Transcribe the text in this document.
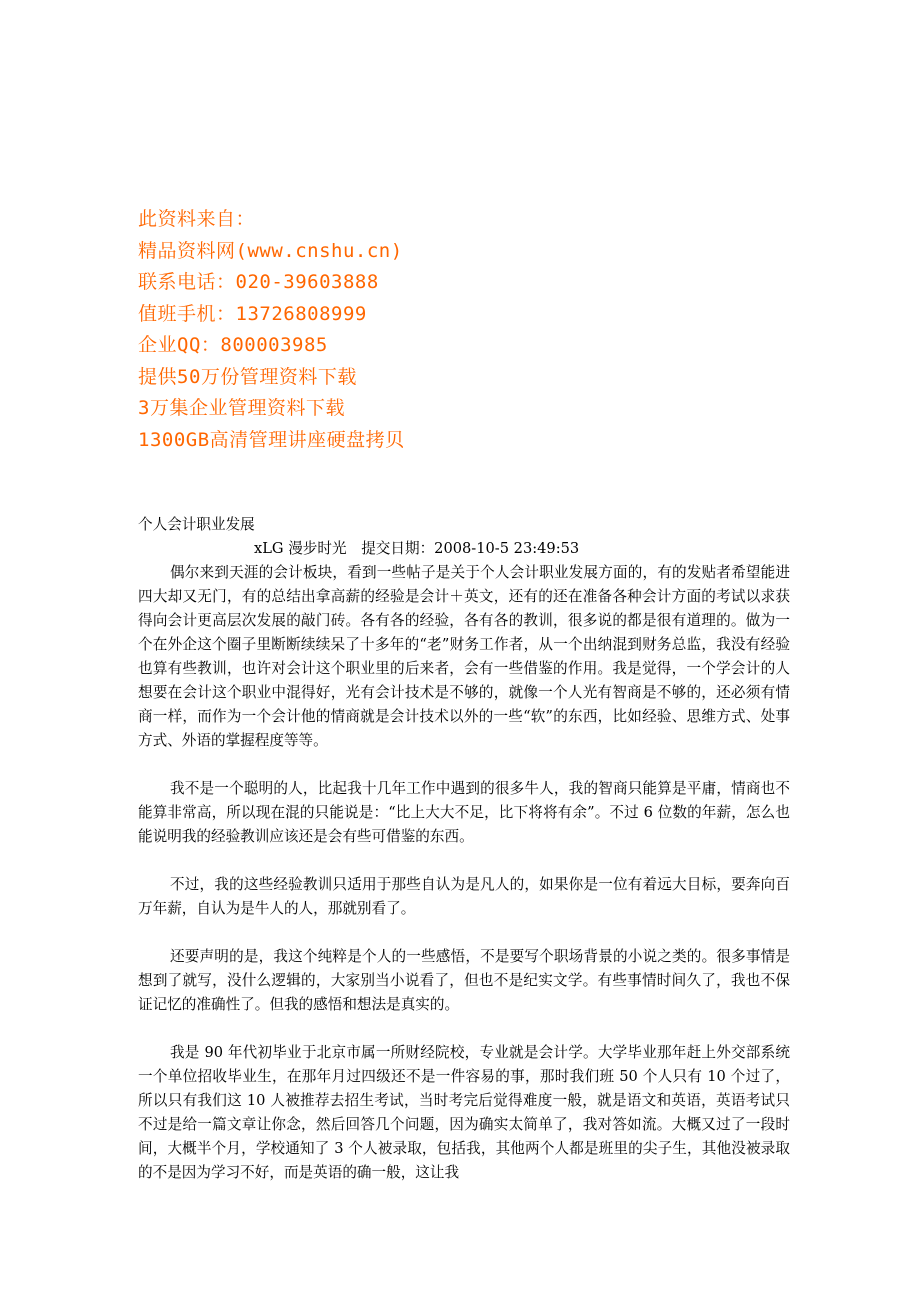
此资料来自：
精品资料网(www.cnshu.cn)
联系电话：020-39603888
值班手机：13726808999
企业QQ：800003985
提供50万份管理资料下载
3万集企业管理资料下载
1300GB高清管理讲座硬盘拷贝
个人会计职业发展
xLG 漫步时光　提交日期：2008-10-5 23:49:53

偶尔来到天涯的会计板块，看到一些帖子是关于个人会计职业发展方面的，有的发贴者希望能进四大却又无门，有的总结出拿高薪的经验是会计＋英文，还有的还在准备各种会计方面的考试以求获得向会计更高层次发展的敲门砖。各有各的经验，各有各的教训，很多说的都是很有道理的。做为一个在外企这个圈子里断断续续呆了十多年的“老”财务工作者，从一个出纳混到财务总监，我没有经验也算有些教训，也许对会计这个职业里的后来者，会有一些借鉴的作用。我是觉得，一个学会计的人想要在会计这个职业中混得好，光有会计技术是不够的，就像一个人光有智商是不够的，还必须有情商一样，而作为一个会计他的情商就是会计技术以外的一些“软”的东西，比如经验、思维方式、处事方式、外语的掌握程度等等。

我不是一个聪明的人，比起我十几年工作中遇到的很多牛人，我的智商只能算是平庸，情商也不能算非常高，所以现在混的只能说是：“比上大大不足，比下将将有余”。不过 6 位数的年薪，怎么也能说明我的经验教训应该还是会有些可借鉴的东西。

不过，我的这些经验教训只适用于那些自认为是凡人的，如果你是一位有着远大目标，要奔向百万年薪，自认为是牛人的人，那就别看了。

还要声明的是，我这个纯粹是个人的一些感悟，不是要写个职场背景的小说之类的。很多事情是想到了就写，没什么逻辑的，大家别当小说看了，但也不是纪实文学。有些事情时间久了，我也不保证记忆的准确性了。但我的感悟和想法是真实的。

我是 90 年代初毕业于北京市属一所财经院校，专业就是会计学。大学毕业那年赶上外交部系统一个单位招收毕业生，在那年月过四级还不是一件容易的事，那时我们班 50 个人只有 10 个过了，所以只有我们这 10 人被推荐去招生考试，当时考完后觉得难度一般，就是语文和英语，英语考试只不过是给一篇文章让你念，然后回答几个问题，因为确实太简单了，我对答如流。大概又过了一段时间，大概半个月，学校通知了 3 个人被录取，包括我，其他两个人都是班里的尖子生，其他没被录取的不是因为学习不好，而是英语的确一般，这让我
